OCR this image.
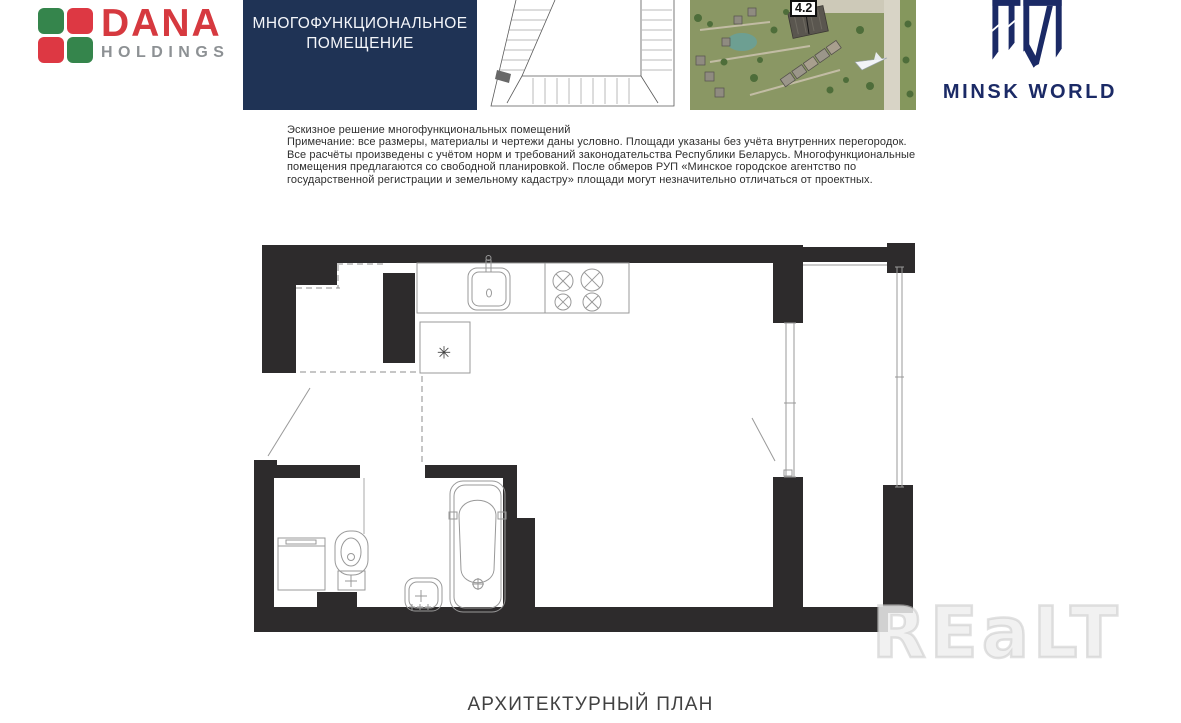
DANA
HOLDINGS
МНОГОФУНКЦИОНАЛЬНОЕ
ПОМЕЩЕНИЕ
4.2
MINSK WORLD
Эскизное решение многофункциональных помещений
Примечание: все размеры, материалы и чертежи даны условно. Площади указаны без учёта внутренних перегородок.
Все расчёты произведены с учётом норм и требований законодательства Республики Беларусь. Многофункциональные
помещения предлагаются со свободной планировкой. После обмеров РУП «Минское городское агентство по
государственной регистрации и земельному кадастру» площади могут незначительно отличаться от проектных.
✳
REaLT
АРХИТЕКТУРНЫЙ ПЛАН
